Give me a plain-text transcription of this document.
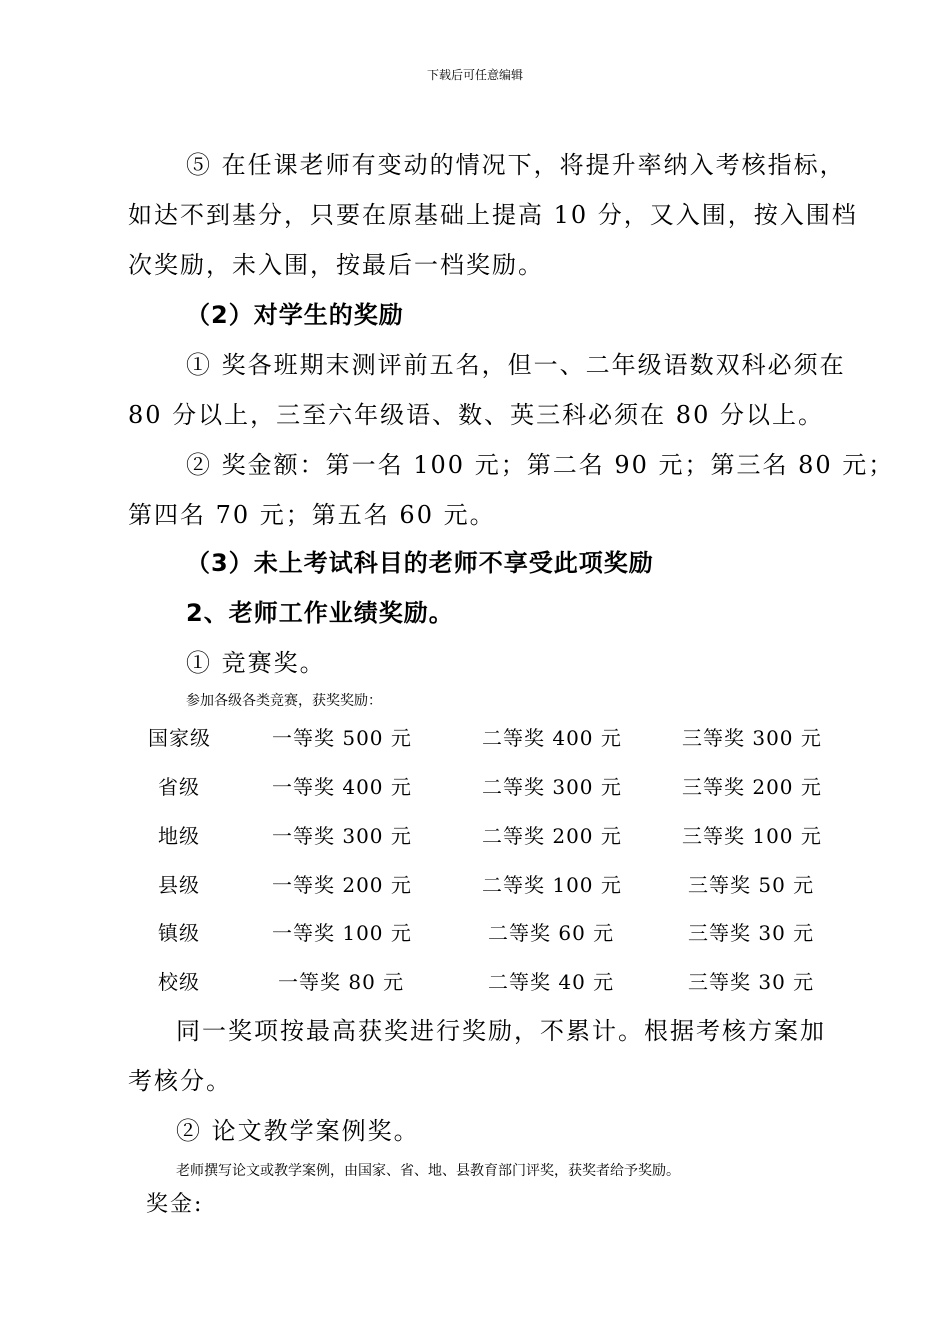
下载后可任意编辑
⑤ 在任课老师有变动的情况下，将提升率纳入考核指标，
如达不到基分，只要在原基础上提高 10 分，又入围，按入围档
次奖励，未入围，按最后一档奖励。
（2）对学生的奖励
① 奖各班期末测评前五名，但一、二年级语数双科必须在
80 分以上，三至六年级语、数、英三科必须在 80 分以上。
② 奖金额：第一名 100 元；第二名 90 元；第三名 80 元；
第四名 70 元；第五名 60 元。
（3）未上考试科目的老师不享受此项奖励
2、老师工作业绩奖励。
① 竞赛奖。
参加各级各类竞赛，获奖奖励：
国家级	一等奖 500 元	二等奖 400 元	三等奖 300 元
省级	一等奖 400 元	二等奖 300 元	三等奖 200 元
地级	一等奖 300 元	二等奖 200 元	三等奖 100 元
县级	一等奖 200 元	二等奖 100 元	三等奖 50 元
镇级	一等奖 100 元	二等奖 60 元	三等奖 30 元
校级	一等奖 80 元	二等奖 40 元	三等奖 30 元
同一奖项按最高获奖进行奖励，不累计。根据考核方案加
考核分。
② 论文教学案例奖。
老师撰写论文或教学案例，由国家、省、地、县教育部门评奖，获奖者给予奖励。
奖金:
